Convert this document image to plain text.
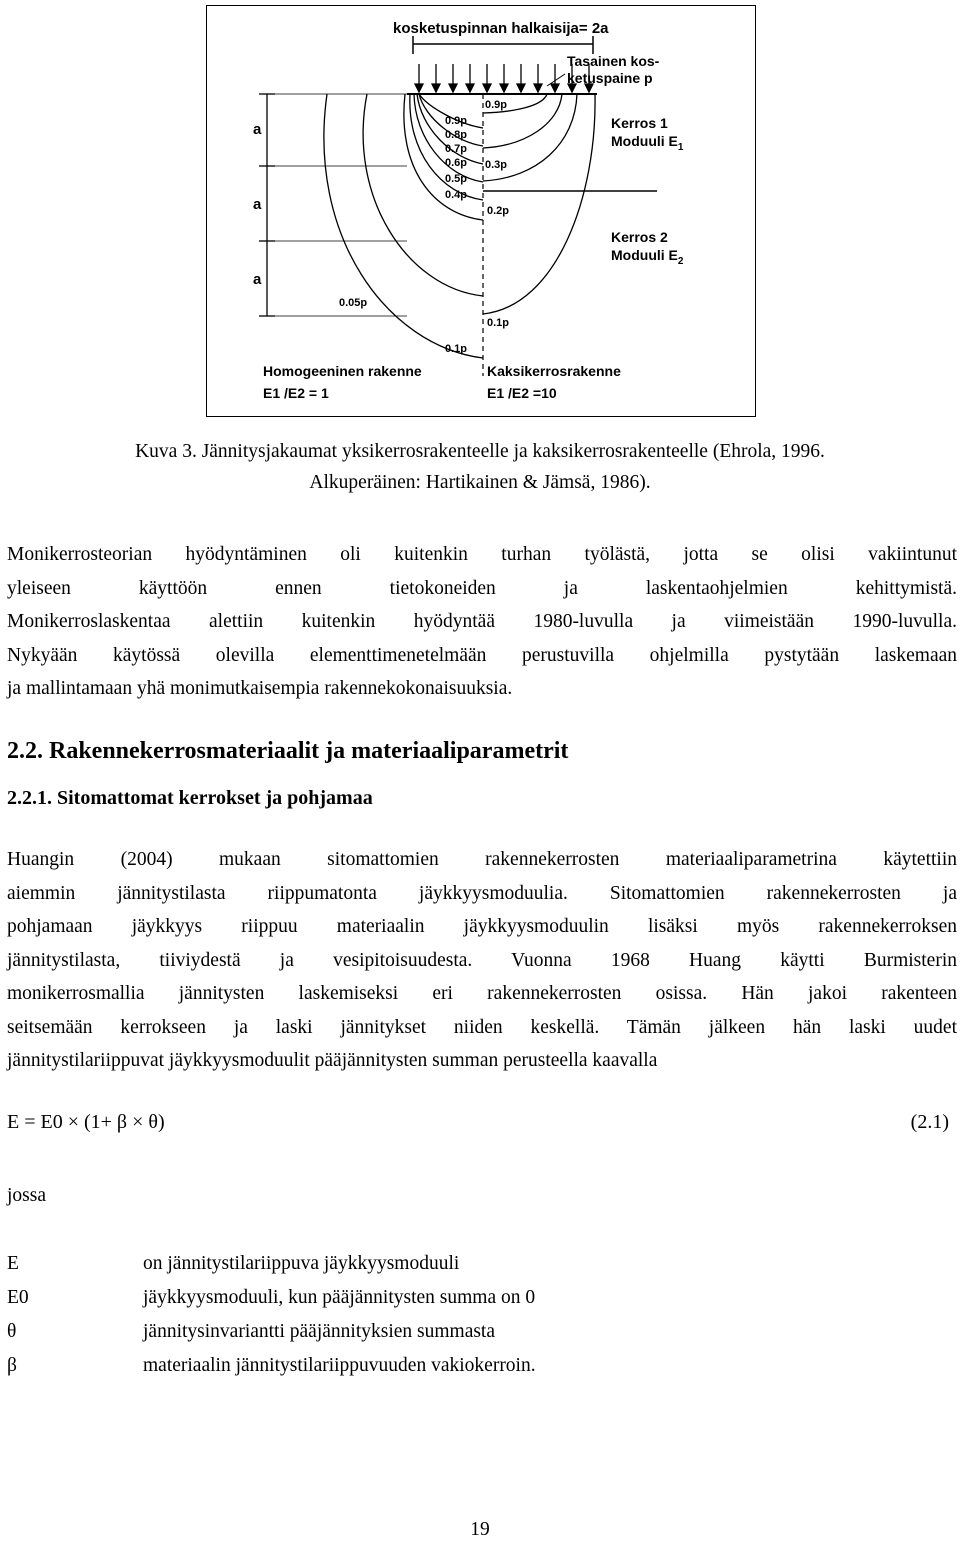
kosketuspinnan halkaisija= 2a
Tasainen kos-
ketuspaine p
a
a
a
0.9p
0.8p
0.7p
0.6p
0.5p
0.4p
0.9p
0.3p
0.2p
0.1p
0.05p
0.1p
Kerros 1
Moduuli $E_1$
Kerros 2
Moduuli $E_2$
Homogeeninen rakenne
E1 /E2 = 1
Kaksikerrosrakenne
E1 /E2 =10
Kuva 3. Jännitysjakaumat yksikerrosrakenteelle ja kaksikerrosrakenteelle (Ehrola, 1996.
Alkuperäinen: Hartikainen & Jämsä, 1986).
Monikerrosteorian hyödyntäminen oli kuitenkin turhan työlästä, jotta se olisi vakiintunut
yleiseen käyttöön ennen tietokoneiden ja laskentaohjelmien kehittymistä.
Monikerroslaskentaa alettiin kuitenkin hyödyntää 1980-luvulla ja viimeistään 1990-luvulla.
Nykyään käytössä olevilla elementtimenetelmään perustuvilla ohjelmilla pystytään laskemaan
ja mallintamaan yhä monimutkaisempia rakennekokonaisuuksia.
2.2. Rakennekerrosmateriaalit ja materiaaliparametrit
2.2.1. Sitomattomat kerrokset ja pohjamaa
Huangin (2004) mukaan sitomattomien rakennekerrosten materiaaliparametrina käytettiin
aiemmin jännitystilasta riippumatonta jäykkyysmoduulia. Sitomattomien rakennekerrosten ja
pohjamaan jäykkyys riippuu materiaalin jäykkyysmoduulin lisäksi myös rakennekerroksen
jännitystilasta, tiiviydestä ja vesipitoisuudesta. Vuonna 1968 Huang käytti Burmisterin
monikerrosmallia jännitysten laskemiseksi eri rakennekerrosten osissa. Hän jakoi rakenteen
seitsemään kerrokseen ja laski jännitykset niiden keskellä. Tämän jälkeen hän laski uudet
jännitystilariippuvat jäykkyysmoduulit pääjännitysten summan perusteella kaavalla
E = E0 × (1+ β × θ)	(2.1)
jossa
E	on jännitystilariippuva jäykkyysmoduuli
E0	jäykkyysmoduuli, kun pääjännitysten summa on 0
θ	jännitysinvariantti pääjännityksien summasta
β	materiaalin jännitystilariippuvuuden vakiokerroin.
19
